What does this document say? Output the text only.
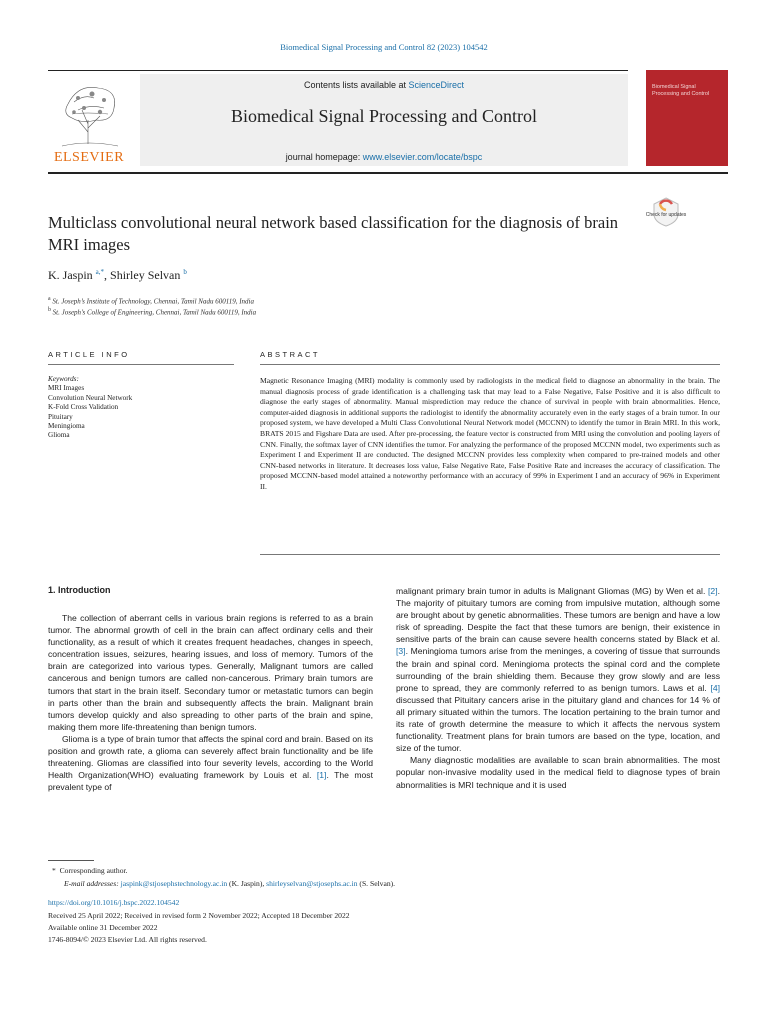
Biomedical Signal Processing and Control 82 (2023) 104542
ELSEVIER
Contents lists available at ScienceDirect
Biomedical Signal Processing and Control
journal homepage: www.elsevier.com/locate/bspc
Biomedical Signal Processing and Control
Check for updates
Multiclass convolutional neural network based classification for the diagnosis of brain MRI images
K. Jaspin $^{a,*}$, Shirley Selvan $^b$
$^a$ St. Joseph’s Institute of Technology, Chennai, Tamil Nadu 600119, India
$^b$ St. Joseph’s College of Engineering, Chennai, Tamil Nadu 600119, India
ARTICLE INFO
Keywords:
MRI Images
Convolution Neural Network
K-Fold Cross Validation
Pituitary
Meningioma
Glioma
ABSTRACT
Magnetic Resonance Imaging (MRI) modality is commonly used by radiologists in the medical field to diagnose an abnormality in the brain. The manual diagnosis process of grade identification is a challenging task that may lead to a False Negative, False Positive and it is also difficult to diagnose the early stages of abnormality. Manual misprediction may reduce the chance of survival in people with brain abnormalities. Hence, computer-aided diagnosis in additional supports the radiologist to identify the abnormality accurately even in the early stages of a brain tumor. In our proposed system, we have developed a Multi Class Convolutional Neural Network model (MCCNN) to identify the tumor in Brain MRI. In this work, BRATS 2015 and Figshare Data are used. After pre-processing, the feature vector is constructed from MRI using the convolution and pooling layers of CNN. Finally, the softmax layer of CNN identifies the tumor. For analyzing the performance of the proposed MCCNN model, two experiments such as Experiment I and Experiment II are conducted. The designed MCCNN provides less complexity when compared to pre-trained models and other CNN-based networks in literature. It decreases loss value, False Negative Rate, False Positive Rate and increases the accuracy of classification. The proposed MCCNN-based model attained a noteworthy performance with an accuracy of 99% in Experiment I and an accuracy of 96% in Experiment II.
1. Introduction

The collection of aberrant cells in various brain regions is referred to as a brain tumor. The abnormal growth of cell in the brain can affect ordinary cells and their functionality, as a result of which it creates frequent headaches, changes in speech, concentration issues, seizures, hearing issues, and loss of memory. Tumors of the brain are categorized into various types. Generally, Malignant tumors are called cancerous and benign tumors are called non-cancerous. Primary brain tumors are tumors that start in the brain itself. Secondary tumor or metastatic tumors can begin in parts other than the brain and subsequently affects the brain. Malignant brain tumors develop quickly and also spreading to other parts of the brain and spine, making them more life-threatening than benign tumors.

Glioma is a type of brain tumor that affects the spinal cord and brain. Based on its position and growth rate, a glioma can severely affect brain functionality and be life threatening. Gliomas are classified into four severity levels, according to the World Health Organization(WHO) evaluating framework by Louis et al. [1]. The most prevalent type of

malignant primary brain tumor in adults is Malignant Gliomas (MG) by Wen et al. [2]. The majority of pituitary tumors are coming from impulsive mutation, although some are brought about by genetic abnormalities. These tumors are benign and have a low risk of spreading. Despite the fact that these tumors are benign, their existence in sensitive parts of the brain can cause severe health concerns stated by Black et al. [3]. Meningioma tumors arise from the meninges, a covering of tissue that surrounds the brain and spinal cord. Meningioma protects the spinal cord and the complete surrounding of the brain shielding them. Because they grow slowly and are less prone to spread, they are commonly referred to as benign tumors. Laws et al. [4] discussed that Pituitary cancers arise in the pituitary gland and chances for 14 % of all primary situated within the tumors. The location pertaining to the brain tumor and its rate of growth determine the measure to which it affects the nervous system functionality. Treatment plans for brain tumors are based on the type, location, and size of the tumor.

Many diagnostic modalities are available to scan brain abnormalities. The most popular non-invasive modality used in the medical field to diagnose types of brain abnormalities is MRI technique and it is used

* Corresponding author.
E-mail addresses: jaspink@stjosephstechnology.ac.in (K. Jaspin), shirleyselvan@stjosephs.ac.in (S. Selvan).
https://doi.org/10.1016/j.bspc.2022.104542
Received 25 April 2022; Received in revised form 2 November 2022; Accepted 18 December 2022
Available online 31 December 2022
1746-8094/© 2023 Elsevier Ltd. All rights reserved.
